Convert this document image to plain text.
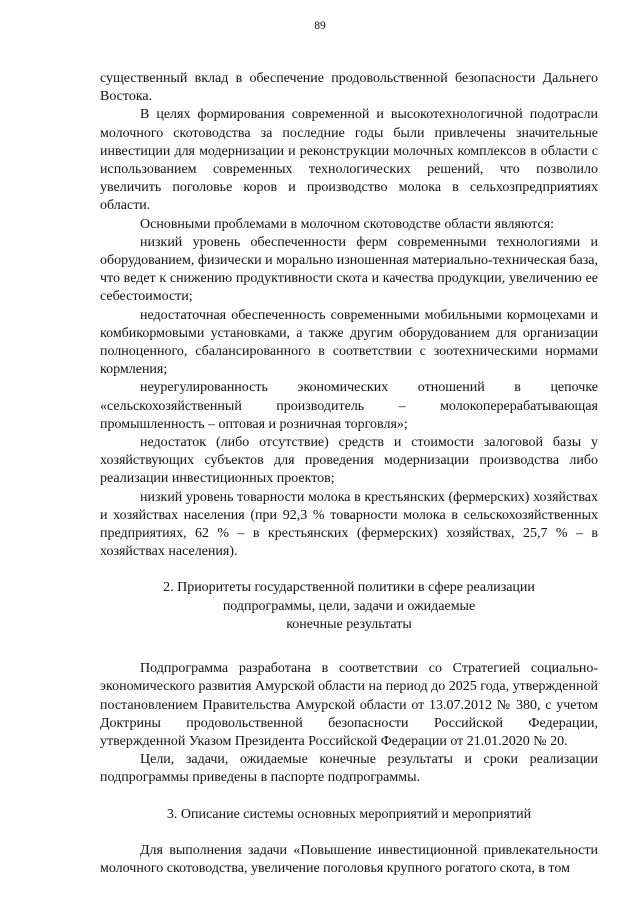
89

существенный вклад в обеспечение продовольственной безопасности Дальнего Востока.

В целях формирования современной и высокотехнологичной подотрасли молочного скотоводства за последние годы были привлечены значительные инвестиции для модернизации и реконструкции молочных комплексов в области с использованием современных технологических решений, что позволило увеличить поголовье коров и производство молока в сельхозпредприятиях области.

Основными проблемами в молочном скотоводстве области являются:

низкий уровень обеспеченности ферм современными технологиями и оборудованием, физически и морально изношенная материально-техническая база, что ведет к снижению продуктивности скота и качества продукции, увеличению ее себестоимости;

недостаточная обеспеченность современными мобильными кормоцехами и комбикормовыми установками, а также другим оборудованием для организации полноценного, сбалансированного в соответствии с зоотехническими нормами кормления;

неурегулированность экономических отношений в цепочке «сельскохозяйственный производитель – молокоперерабатывающая промышленность – оптовая и розничная торговля»;

недостаток (либо отсутствие) средств и стоимости залоговой базы у хозяйствующих субъектов для проведения модернизации производства либо реализации инвестиционных проектов;

низкий уровень товарности молока в крестьянских (фермерских) хозяйствах и хозяйствах населения (при 92,3 % товарности молока в сельскохозяйственных предприятиях, 62 % – в крестьянских (фермерских) хозяйствах, 25,7 % – в хозяйствах населения).

2. Приоритеты государственной политики в сфере реализации
подпрограммы, цели, задачи и ожидаемые
конечные результаты

Подпрограмма разработана в соответствии со Стратегией социально-экономического развития Амурской области на период до 2025 года, утвержденной постановлением Правительства Амурской области от 13.07.2012 № 380, с учетом Доктрины продовольственной безопасности Российской Федерации, утвержденной Указом Президента Российской Федерации от 21.01.2020 № 20.

Цели, задачи, ожидаемые конечные результаты и сроки реализации подпрограммы приведены в паспорте подпрограммы.

3. Описание системы основных мероприятий и мероприятий

Для выполнения задачи «Повышение инвестиционной привлекательности молочного скотоводства, увеличение поголовья крупного рогатого скота, в том
